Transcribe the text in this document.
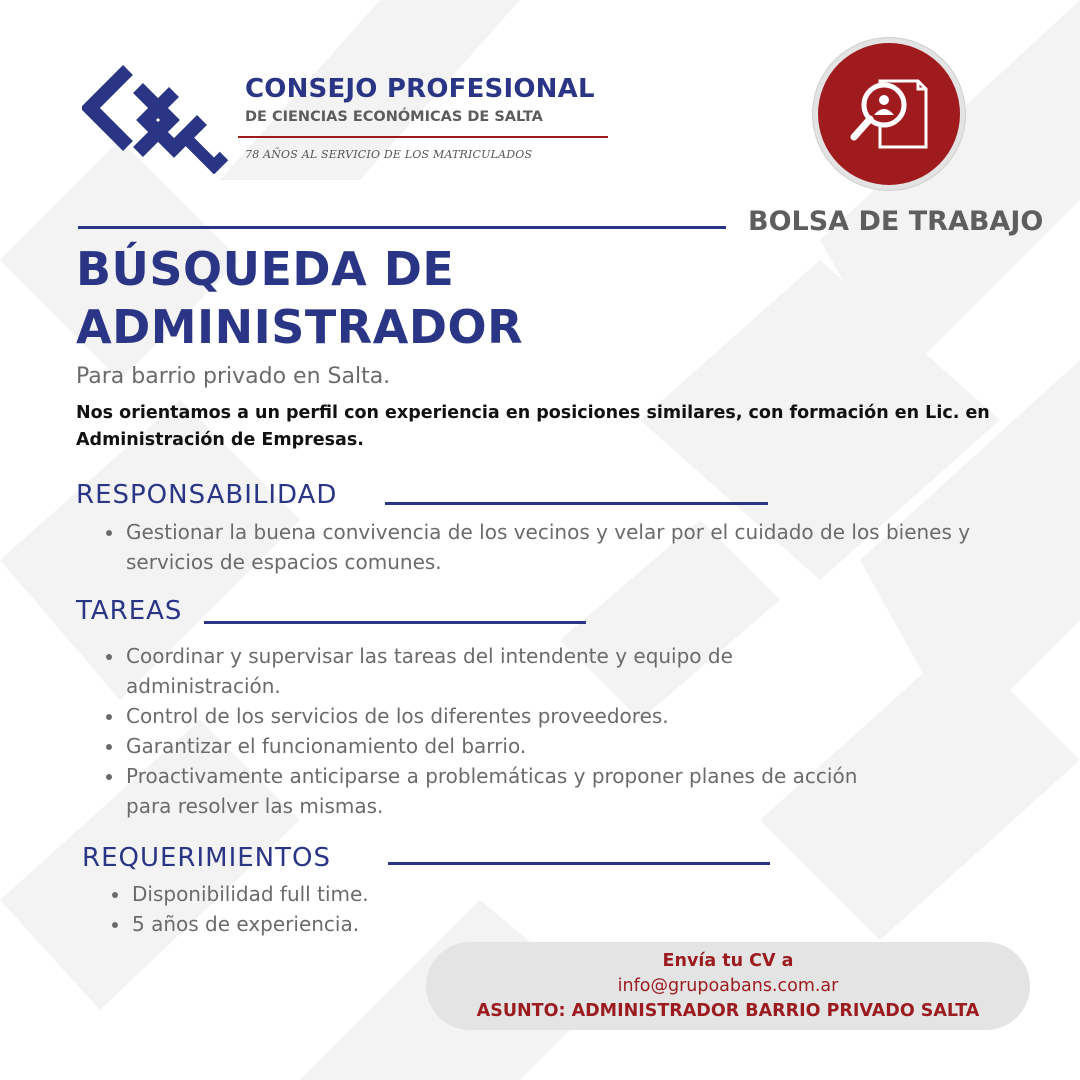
CONSEJO PROFESIONAL
DE CIENCIAS ECONÓMICAS DE SALTA
78 AÑOS AL SERVICIO DE LOS MATRICULADOS
BOLSA DE TRABAJO
BÚSQUEDA DE
ADMINISTRADOR
Para barrio privado en Salta.
Nos orientamos a un perfil con experiencia en posiciones similares, con formación en Lic. en Administración de Empresas.
RESPONSABILIDAD
Gestionar la buena convivencia de los vecinos y velar por el cuidado de los bienes y servicios de espacios comunes.
TAREAS
Coordinar y supervisar las tareas del intendente y equipo de administración.
Control de los servicios de los diferentes proveedores.
Garantizar el funcionamiento del barrio.
Proactivamente anticiparse a problemáticas y proponer planes de acción para resolver las mismas.
REQUERIMIENTOS
Disponibilidad full time.
5 años de experiencia.
Envía tu CV a
info@grupoabans.com.ar
ASUNTO: ADMINISTRADOR BARRIO PRIVADO SALTA
